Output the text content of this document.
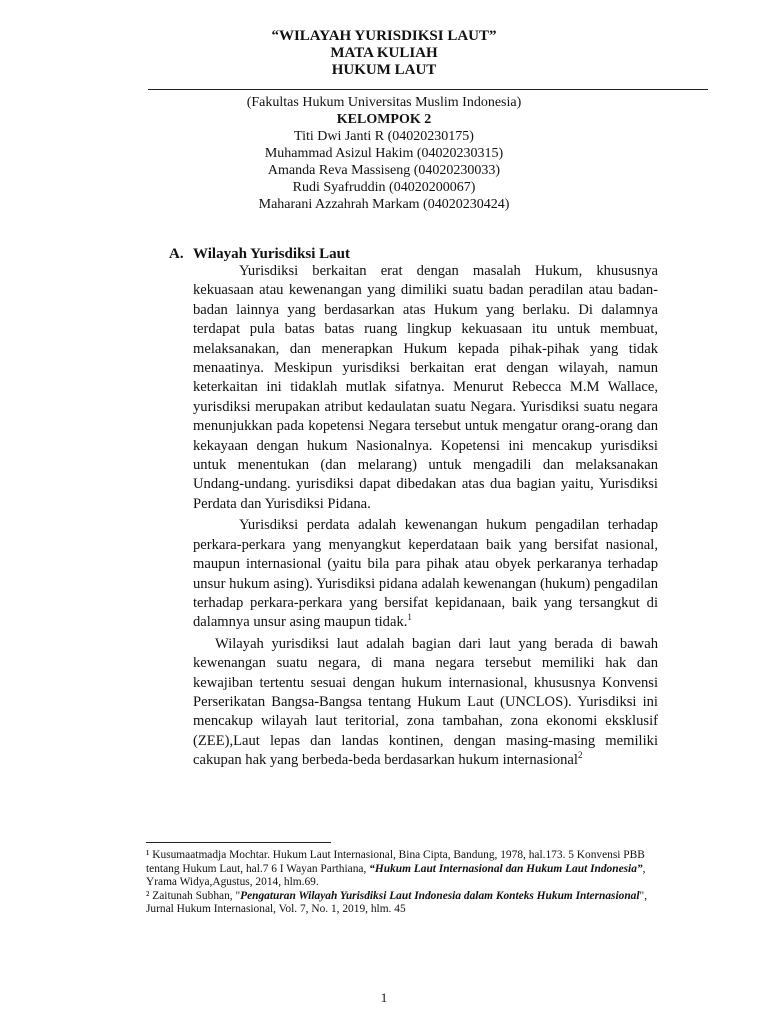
“WILAYAH YURISDIKSI LAUT”
MATA KULIAH
HUKUM LAUT
(Fakultas Hukum Universitas Muslim Indonesia)
KELOMPOK 2
Titi Dwi Janti R (04020230175)
Muhammad Asizul Hakim (04020230315)
Amanda Reva Massiseng (04020230033)
Rudi Syafruddin (04020200067)
Maharani Azzahrah Markam (04020230424)
A. Wilayah Yurisdiksi Laut

Yurisdiksi berkaitan erat dengan masalah Hukum, khususnya kekuasaan atau kewenangan yang dimiliki suatu badan peradilan atau badan-badan lainnya yang berdasarkan atas Hukum yang berlaku. Di dalamnya terdapat pula batas batas ruang lingkup kekuasaan itu untuk membuat, melaksanakan, dan menerapkan Hukum kepada pihak-pihak yang tidak menaatinya. Meskipun yurisdiksi berkaitan erat dengan wilayah, namun keterkaitan ini tidaklah mutlak sifatnya. Menurut Rebecca M.M Wallace, yurisdiksi merupakan atribut kedaulatan suatu Negara. Yurisdiksi suatu negara menunjukkan pada kopetensi Negara tersebut untuk mengatur orang-orang dan kekayaan dengan hukum Nasionalnya. Kopetensi ini mencakup yurisdiksi untuk menentukan (dan melarang) untuk mengadili dan melaksanakan Undang-undang. yurisdiksi dapat dibedakan atas dua bagian yaitu, Yurisdiksi Perdata dan Yurisdiksi Pidana.

Yurisdiksi perdata adalah kewenangan hukum pengadilan terhadap perkara-perkara yang menyangkut keperdataan baik yang bersifat nasional, maupun internasional (yaitu bila para pihak atau obyek perkaranya terhadap unsur hukum asing). Yurisdiksi pidana adalah kewenangan (hukum) pengadilan terhadap perkara-perkara yang bersifat kepidanaan, baik yang tersangkut di dalamnya unsur asing maupun tidak.$^1$

Wilayah yurisdiksi laut adalah bagian dari laut yang berada di bawah kewenangan suatu negara, di mana negara tersebut memiliki hak dan kewajiban tertentu sesuai dengan hukum internasional, khususnya Konvensi Perserikatan Bangsa-Bangsa tentang Hukum Laut (UNCLOS). Yurisdiksi ini mencakup wilayah laut teritorial, zona tambahan, zona ekonomi eksklusif (ZEE),Laut lepas dan landas kontinen, dengan masing-masing memiliki cakupan hak yang berbeda-beda berdasarkan hukum internasional$^2$

¹ Kusumaatmadja Mochtar. Hukum Laut Internasional, Bina Cipta, Bandung, 1978, hal.173. 5 Konvensi PBB tentang Hukum Laut, hal.7 6 I Wayan Parthiana, “Hukum Laut Internasional dan Hukum Laut Indonesia”, Yrama Widya,Agustus, 2014, hlm.69.

² Zaitunah Subhan, "Pengaturan Wilayah Yurisdiksi Laut Indonesia dalam Konteks Hukum Internasional", Jurnal Hukum Internasional, Vol. 7, No. 1, 2019, hlm. 45

1
